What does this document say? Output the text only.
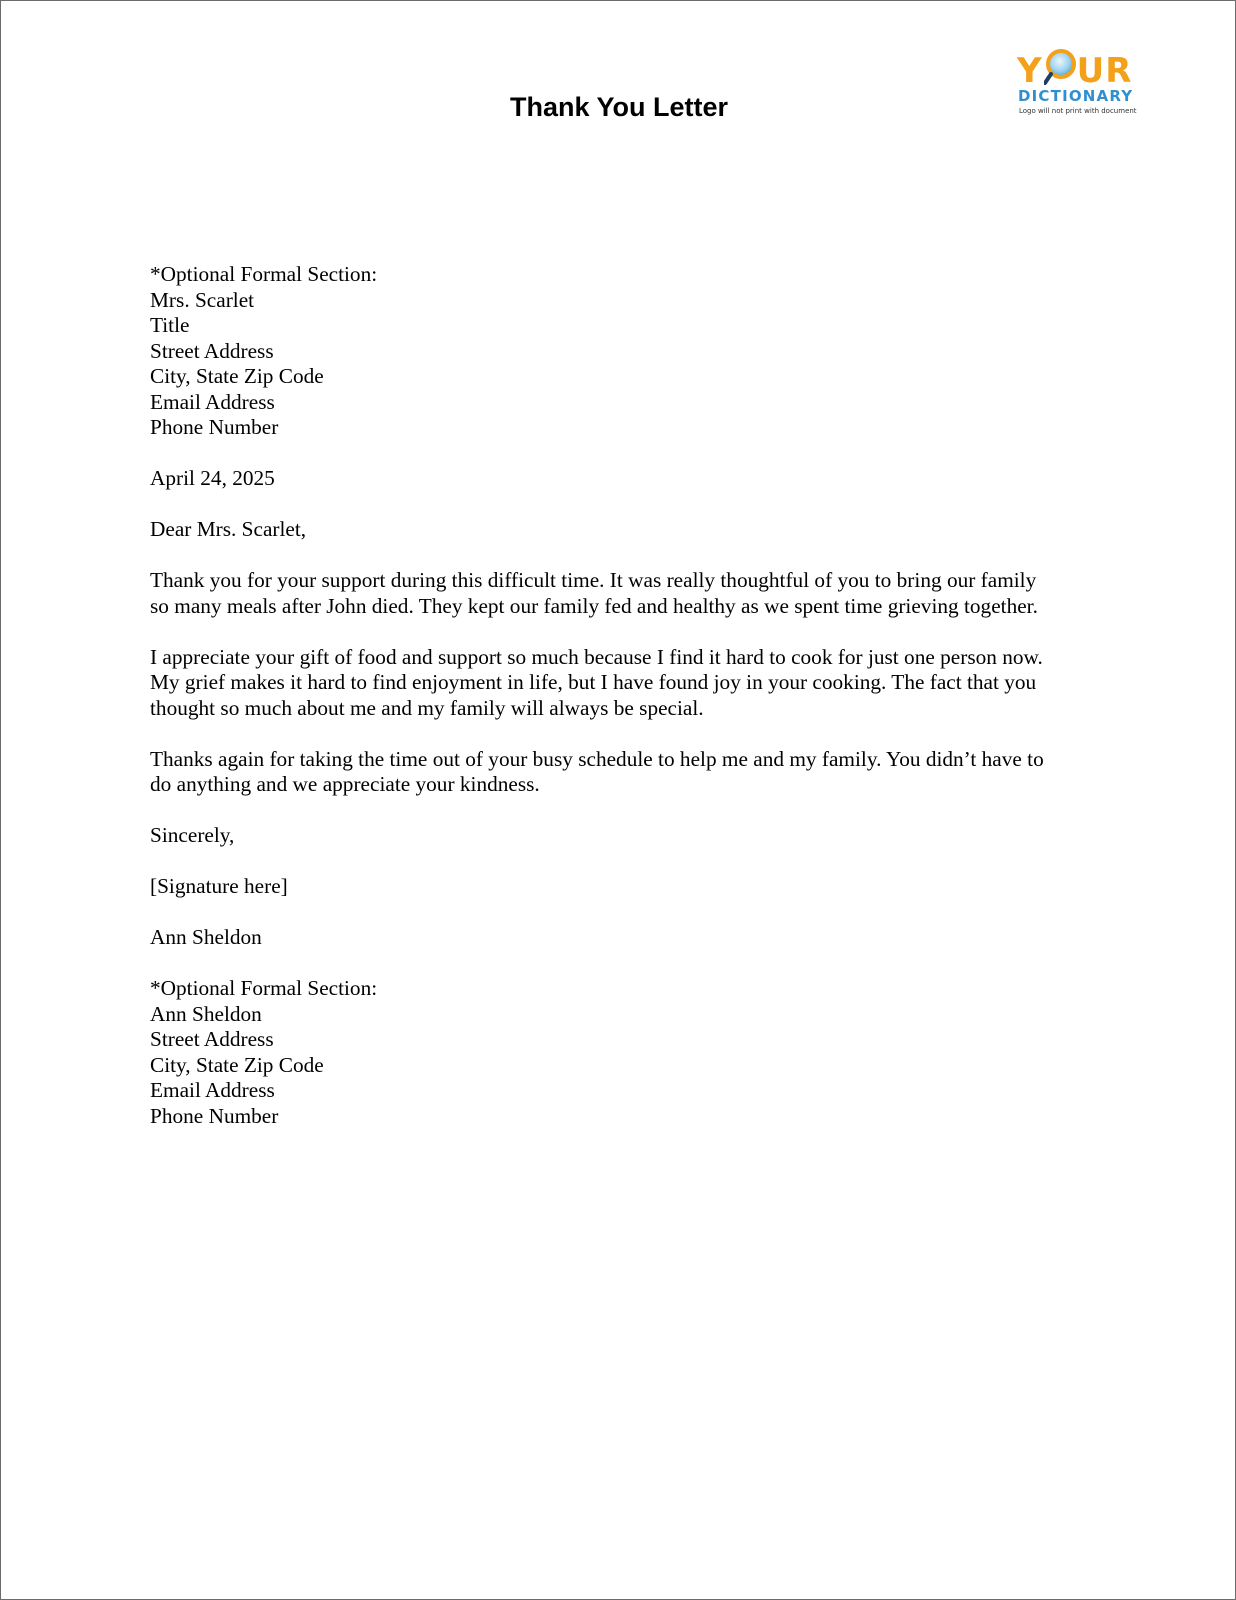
Thank You Letter
Y UR
DICTIONARY
Logo will not print with document

*Optional Formal Section:
Mrs. Scarlet
Title
Street Address
City, State Zip Code
Email Address
Phone Number

April 24, 2025

Dear Mrs. Scarlet,

Thank you for your support during this difficult time. It was really thoughtful of you to bring our family
so many meals after John died. They kept our family fed and healthy as we spent time grieving together.

I appreciate your gift of food and support so much because I find it hard to cook for just one person now.
My grief makes it hard to find enjoyment in life, but I have found joy in your cooking. The fact that you
thought so much about me and my family will always be special.

Thanks again for taking the time out of your busy schedule to help me and my family. You didn’t have to
do anything and we appreciate your kindness.

Sincerely,

[Signature here]

Ann Sheldon

*Optional Formal Section:
Ann Sheldon
Street Address
City, State Zip Code
Email Address
Phone Number
